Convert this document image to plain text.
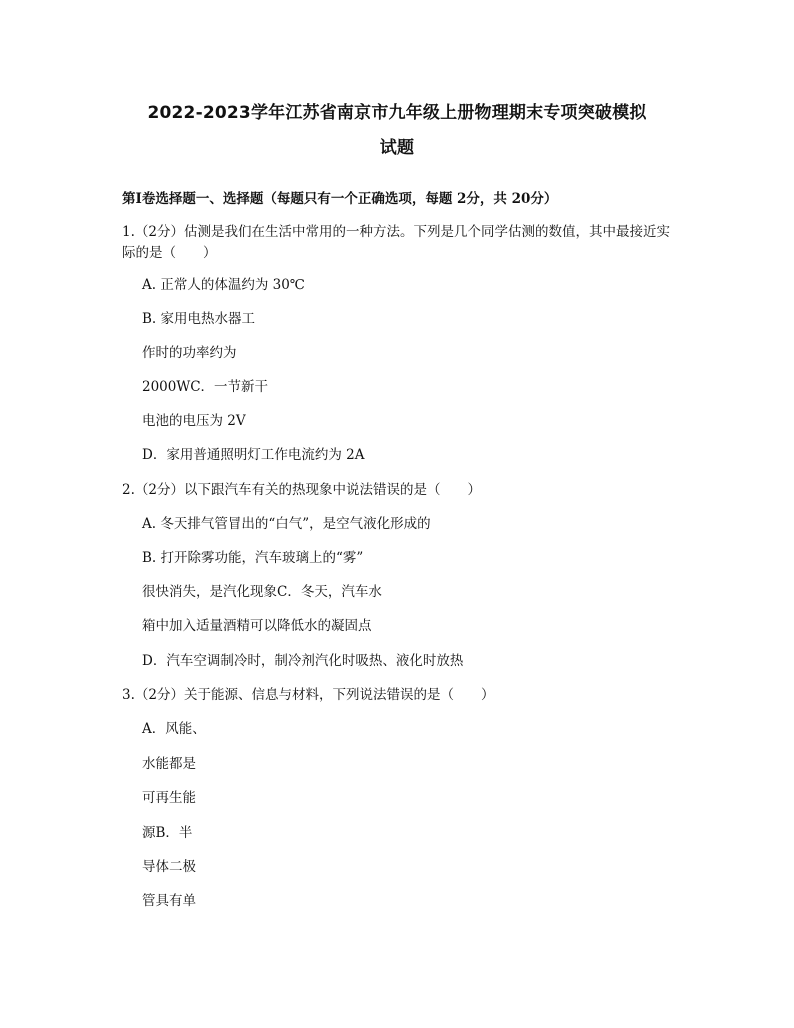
2022-2023学年江苏省南京市九年级上册物理期末专项突破模拟
试题
第Ⅰ卷选择题一、选择题（每题只有一个正确选项，每题 2分，共 20分）
1.（2分）估测是我们在生活中常用的一种方法。下列是几个同学估测的数值，其中最接近实
际的是（　　）
A. 正常人的体温约为 30℃
B. 家用电热水器工
作时的功率约为
2000WC．一节新干
电池的电压为 2V
D．家用普通照明灯工作电流约为 2A
2.（2分）以下跟汽车有关的热现象中说法错误的是（　　）
A. 冬天排气管冒出的“白气”，是空气液化形成的
B. 打开除雾功能，汽车玻璃上的“雾”
很快消失，是汽化现象C．冬天，汽车水
箱中加入适量酒精可以降低水的凝固点
D．汽车空调制冷时，制冷剂汽化时吸热、液化时放热
3.（2分）关于能源、信息与材料，下列说法错误的是（　　）
A．风能、
水能都是
可再生能
源B．半
导体二极
管具有单
